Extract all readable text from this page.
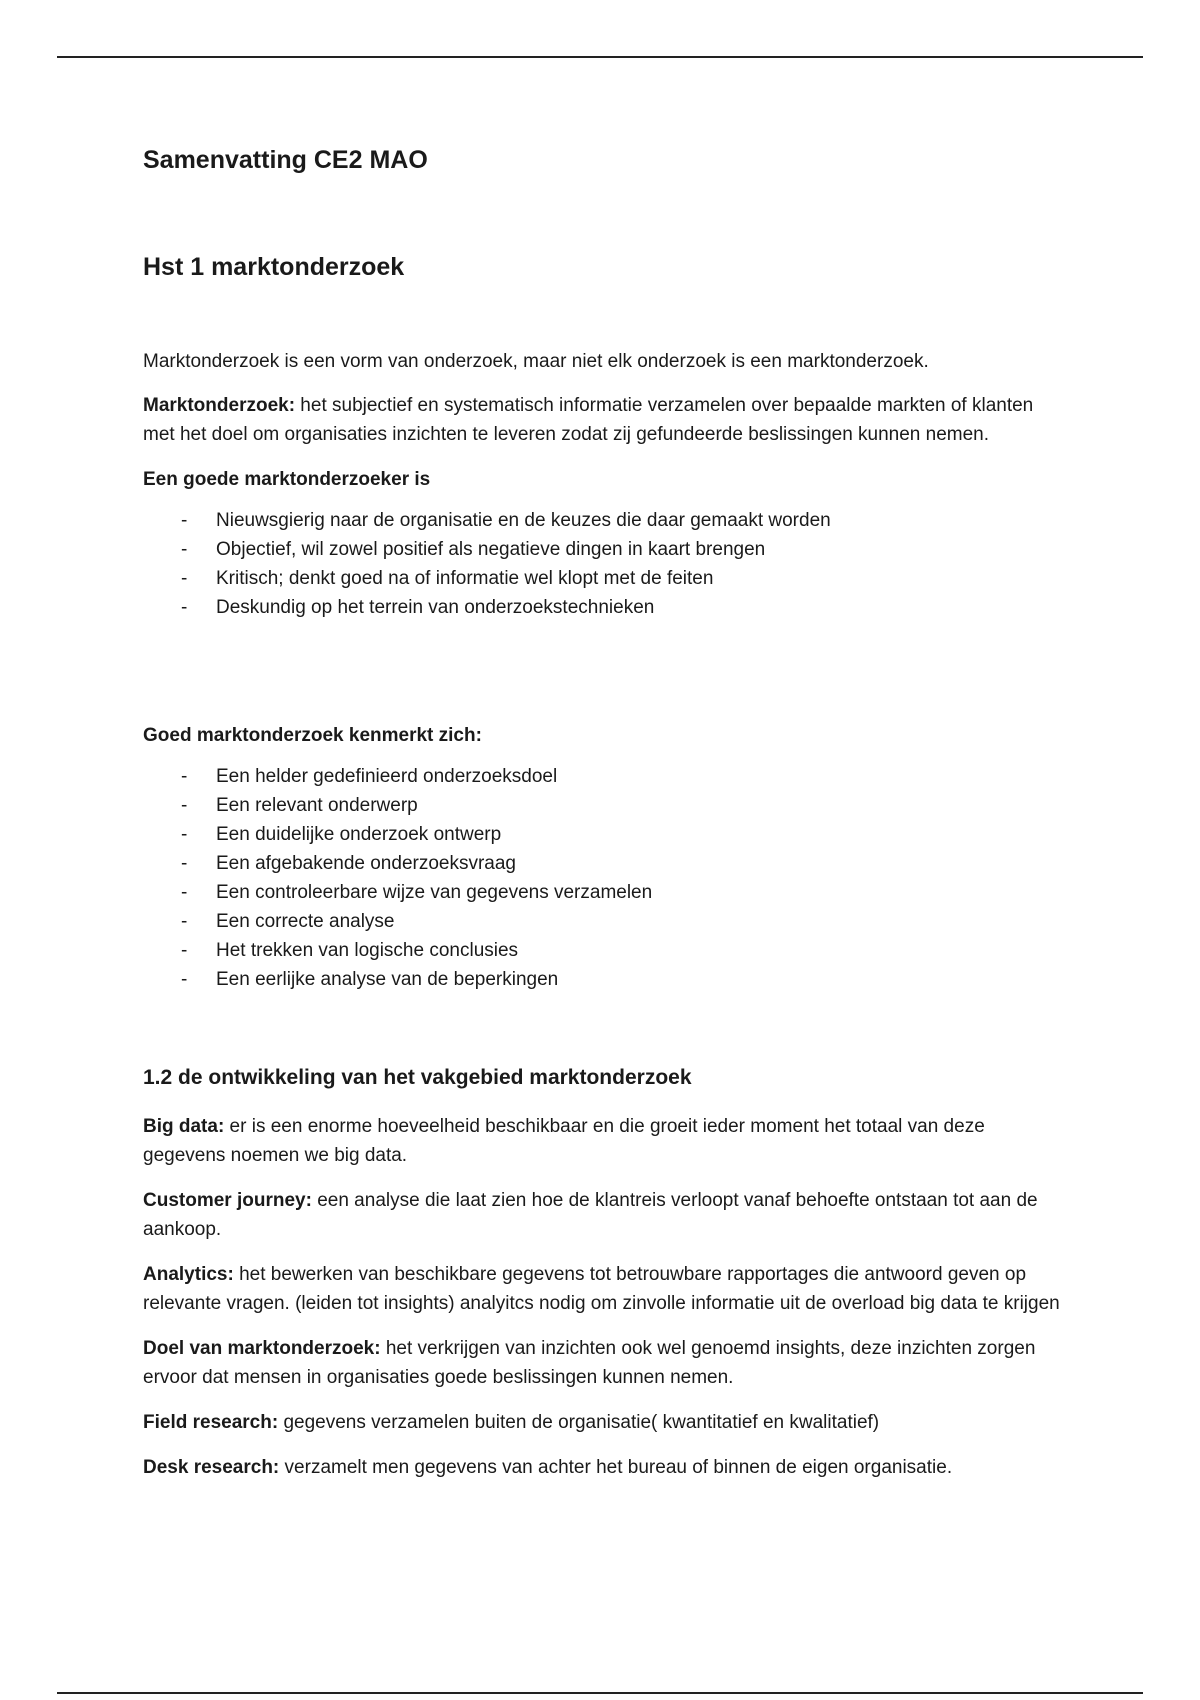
Samenvatting CE2 MAO
Hst 1 marktonderzoek

Marktonderzoek is een vorm van onderzoek, maar niet elk onderzoek is een marktonderzoek.

Marktonderzoek: het subjectief en systematisch informatie verzamelen over bepaalde markten of klanten met het doel om organisaties inzichten te leveren zodat zij gefundeerde beslissingen kunnen nemen.

Een goede marktonderzoeker is

- Nieuwsgierig naar de organisatie en de keuzes die daar gemaakt worden
- Objectief, wil zowel positief als negatieve dingen in kaart brengen
- Kritisch; denkt goed na of informatie wel klopt met de feiten
- Deskundig op het terrein van onderzoekstechnieken

Goed marktonderzoek kenmerkt zich:

- Een helder gedefinieerd onderzoeksdoel
- Een relevant onderwerp
- Een duidelijke onderzoek ontwerp
- Een afgebakende onderzoeksvraag
- Een controleerbare wijze van gegevens verzamelen
- Een correcte analyse
- Het trekken van logische conclusies
- Een eerlijke analyse van de beperkingen
1.2 de ontwikkeling van het vakgebied marktonderzoek

Big data: er is een enorme hoeveelheid beschikbaar en die groeit ieder moment het totaal van deze gegevens noemen we big data.

Customer journey: een analyse die laat zien hoe de klantreis verloopt vanaf behoefte ontstaan tot aan de aankoop.

Analytics: het bewerken van beschikbare gegevens tot betrouwbare rapportages die antwoord geven op relevante vragen. (leiden tot insights) analyitcs nodig om zinvolle informatie uit de overload big data te krijgen

Doel van marktonderzoek: het verkrijgen van inzichten ook wel genoemd insights, deze inzichten zorgen ervoor dat mensen in organisaties goede beslissingen kunnen nemen.

Field research: gegevens verzamelen buiten de organisatie( kwantitatief en kwalitatief)

Desk research: verzamelt men gegevens van achter het bureau of binnen de eigen organisatie.
